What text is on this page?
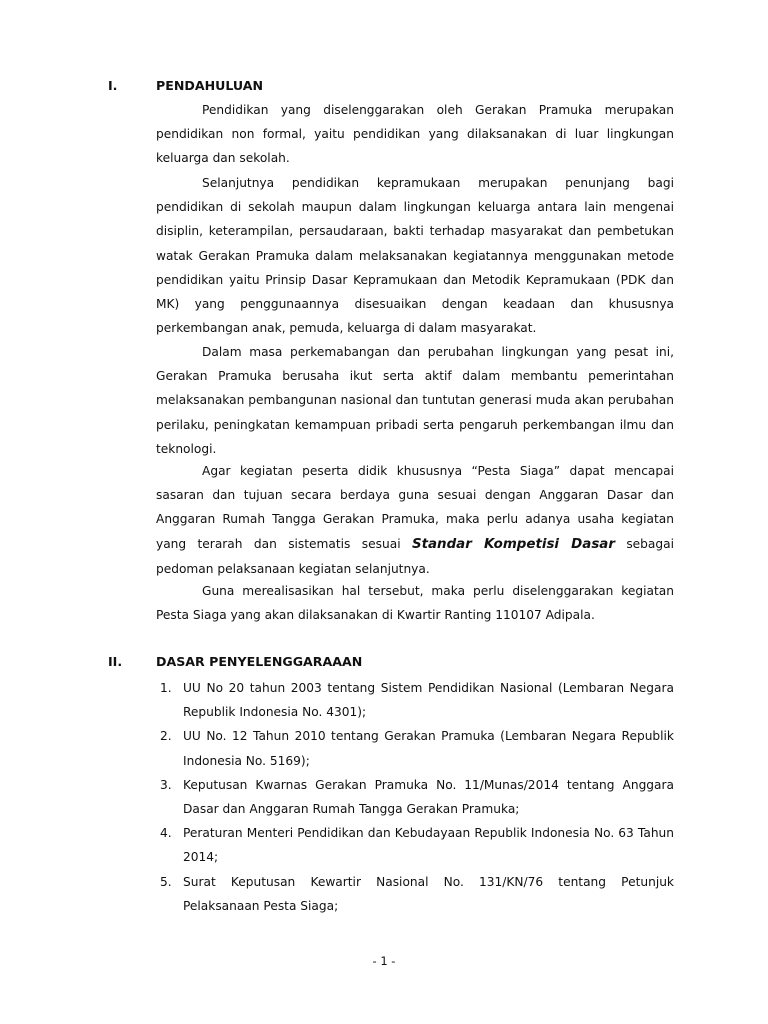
I.	PENDAHULUAN

Pendidikan yang diselenggarakan oleh Gerakan Pramuka merupakan pendidikan non formal, yaitu pendidikan yang dilaksanakan di luar lingkungan keluarga dan sekolah.

Selanjutnya pendidikan kepramukaan merupakan penunjang bagi pendidikan di sekolah maupun dalam lingkungan keluarga antara lain mengenai disiplin, keterampilan, persaudaraan, bakti terhadap masyarakat dan pembetukan watak Gerakan Pramuka dalam melaksanakan kegiatannya menggunakan metode pendidikan yaitu Prinsip Dasar Kepramukaan dan Metodik Kepramukaan (PDK dan MK) yang penggunaannya disesuaikan dengan keadaan dan khususnya perkembangan anak, pemuda, keluarga di dalam masyarakat.

Dalam masa perkemabangan dan perubahan lingkungan yang pesat ini, Gerakan Pramuka berusaha ikut serta aktif dalam membantu pemerintahan melaksanakan pembangunan nasional dan tuntutan generasi muda akan perubahan perilaku, peningkatan kemampuan pribadi serta pengaruh perkembangan ilmu dan teknologi.

Agar kegiatan peserta didik khususnya “Pesta Siaga” dapat mencapai sasaran dan tujuan secara berdaya guna sesuai dengan Anggaran Dasar dan Anggaran Rumah Tangga Gerakan Pramuka, maka perlu adanya usaha kegiatan yang terarah dan sistematis sesuai Standar Kompetisi Dasar sebagai pedoman pelaksanaan kegiatan selanjutnya.

Guna merealisasikan hal tersebut, maka perlu diselenggarakan kegiatan Pesta Siaga yang akan dilaksanakan di Kwartir Ranting 110107 Adipala.

II.	DASAR PENYELENGGARAAAN
1. UU No 20 tahun 2003 tentang Sistem Pendidikan Nasional (Lembaran Negara Republik Indonesia No. 4301);
2. UU No. 12 Tahun 2010 tentang Gerakan Pramuka (Lembaran Negara Republik Indonesia No. 5169);
3. Keputusan Kwarnas Gerakan Pramuka No. 11/Munas/2014 tentang Anggara Dasar dan Anggaran Rumah Tangga Gerakan Pramuka;
4. Peraturan Menteri Pendidikan dan Kebudayaan Republik Indonesia No. 63 Tahun 2014;
5. Surat Keputusan Kewartir Nasional No. 131/KN/76 tentang Petunjuk Pelaksanaan Pesta Siaga;
- 1 -
